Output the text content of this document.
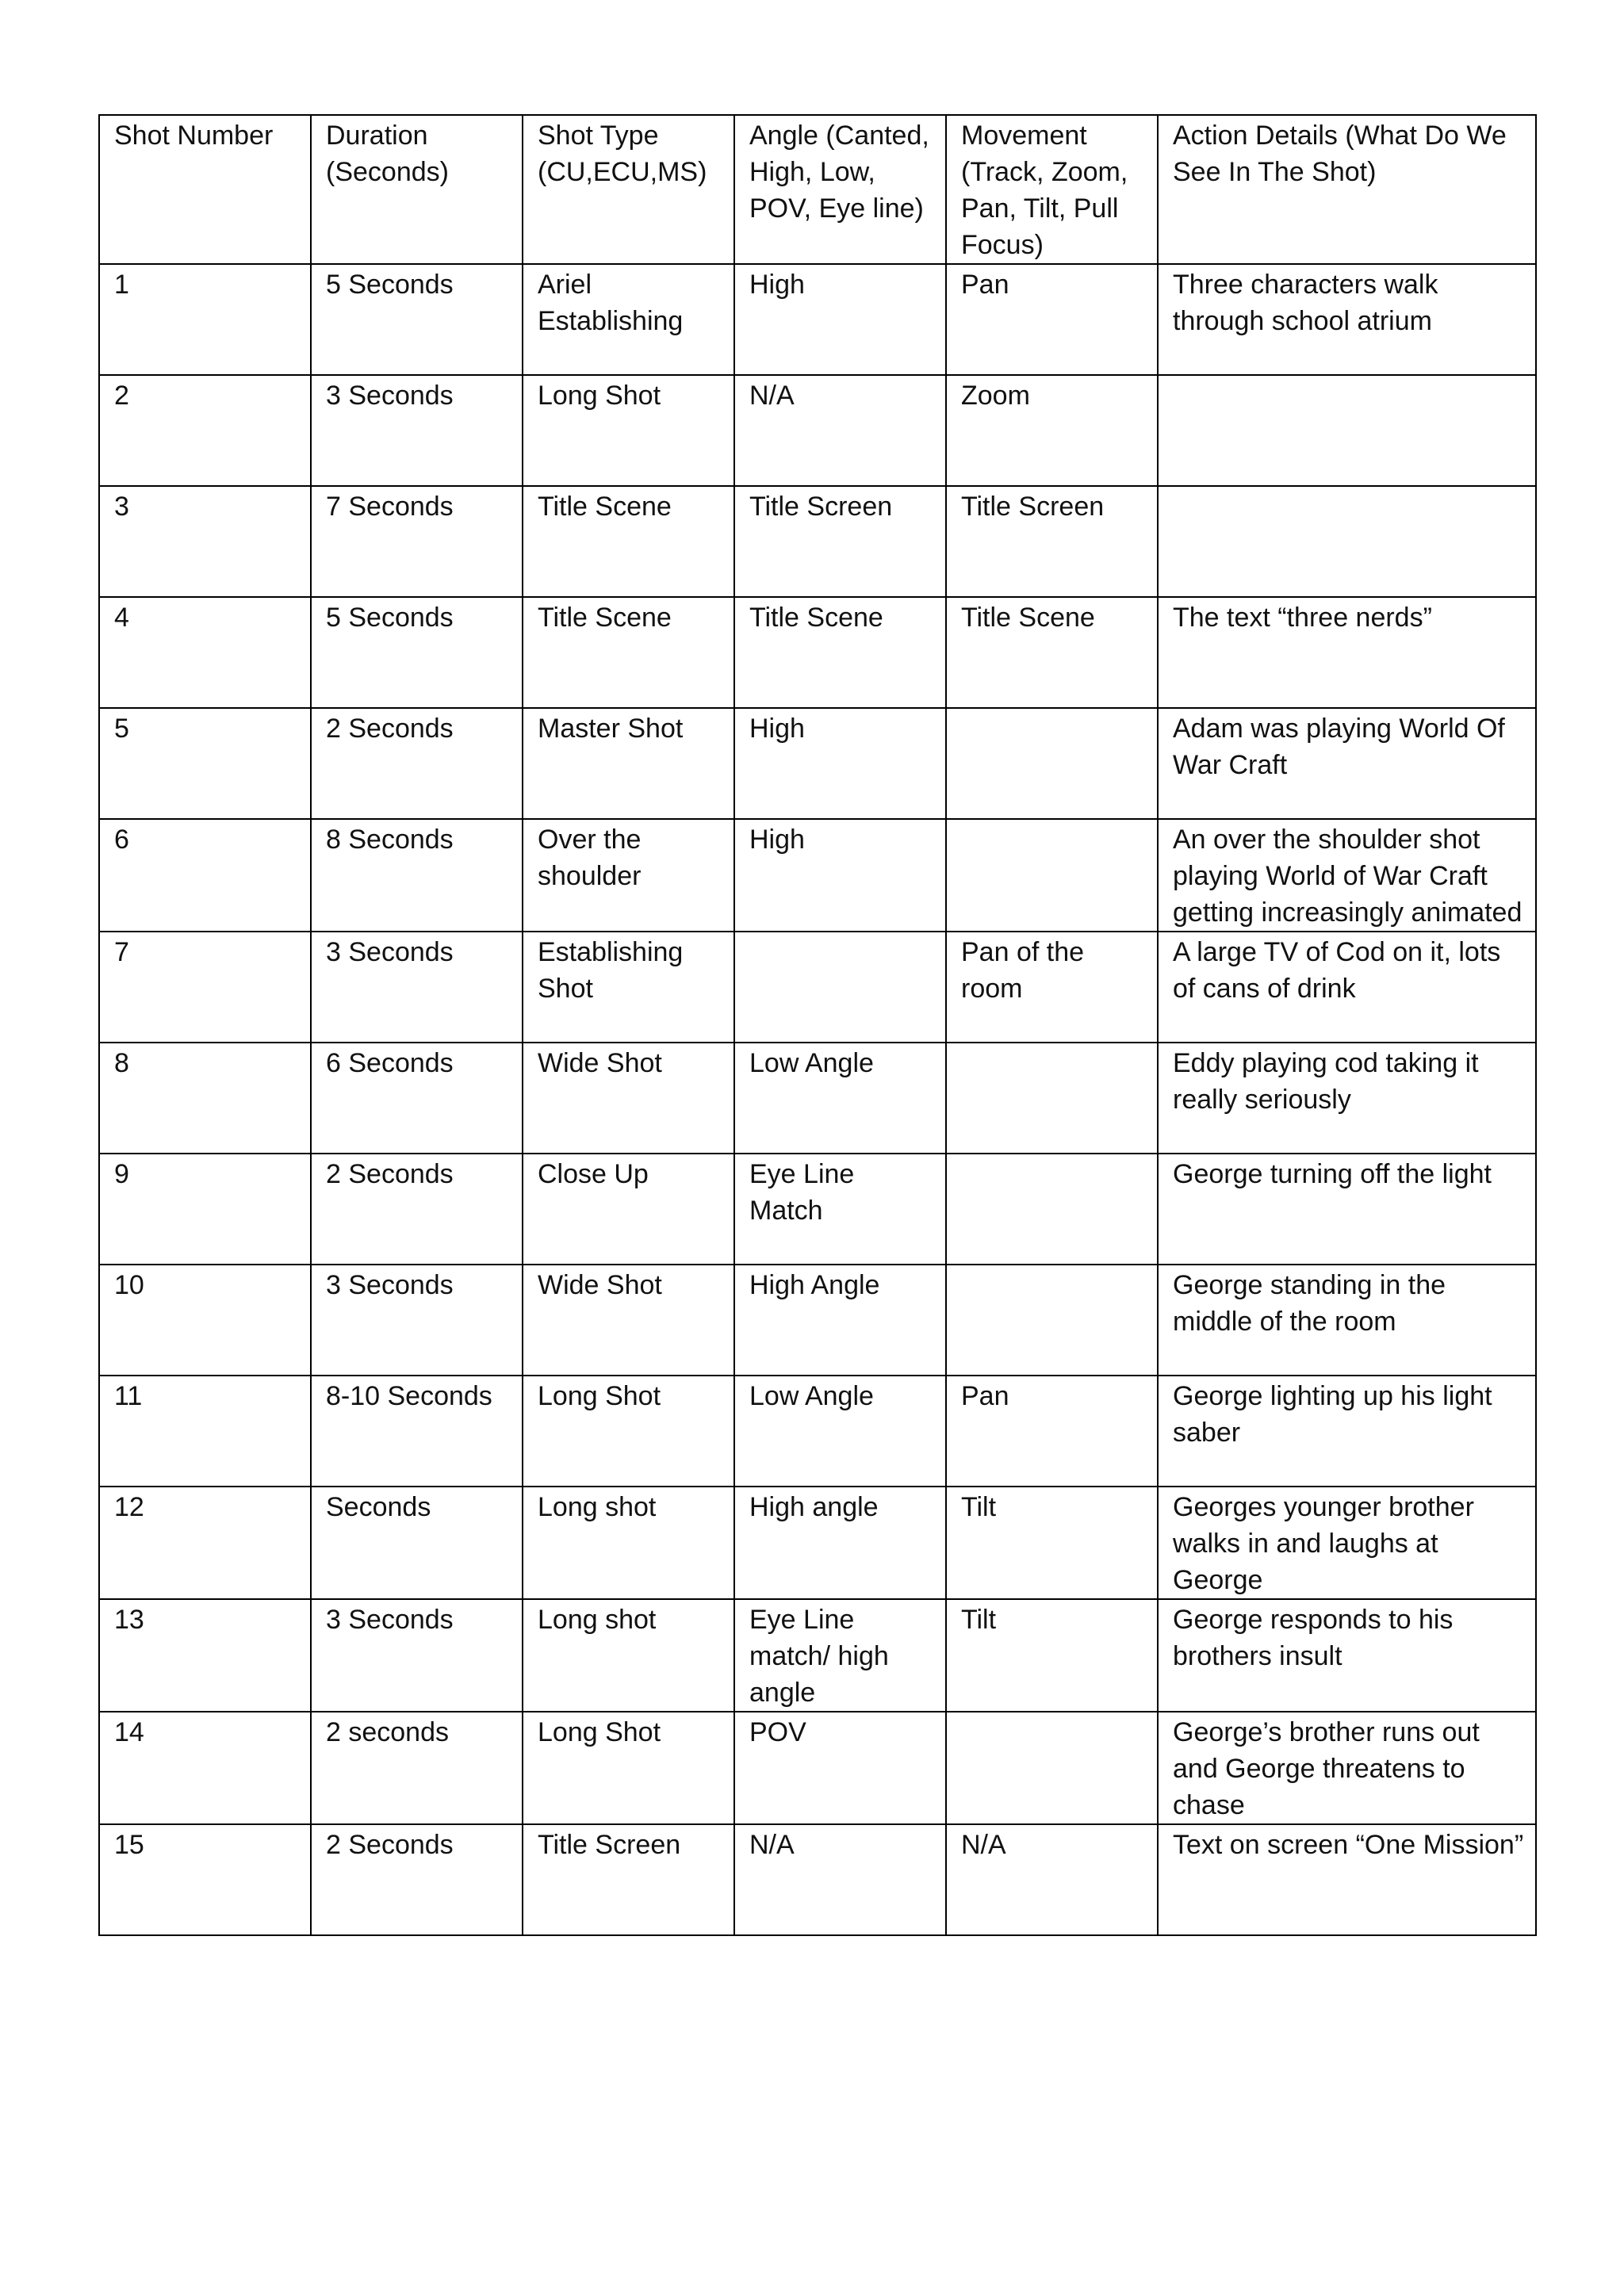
Shot Number	Duration (Seconds)	Shot Type (CU,ECU,MS)	Angle (Canted, High, Low, POV, Eye line)	Movement (Track, Zoom, Pan, Tilt, Pull Focus)	Action Details (What Do We See In The Shot)
1	5 Seconds	Ariel Establishing	High	Pan	Three characters walk through school atrium
2	3 Seconds	Long Shot	N/A	Zoom	
3	7 Seconds	Title Scene	Title Screen	Title Screen	
4	5 Seconds	Title Scene	Title Scene	Title Scene	The text “three nerds”
5	2 Seconds	Master Shot	High		Adam was playing World Of War Craft
6	8 Seconds	Over the shoulder	High		An over the shoulder shot playing World of War Craft getting increasingly animated
7	3 Seconds	Establishing Shot		Pan of the room	A large TV of Cod on it, lots of cans of drink
8	6 Seconds	Wide Shot	Low Angle		Eddy playing cod taking it really seriously
9	2 Seconds	Close Up	Eye Line Match		George turning off the light
10	3 Seconds	Wide Shot	High Angle		George standing in the middle of the room
11	8-10 Seconds	Long Shot	Low Angle	Pan	George lighting up his light saber
12	Seconds	Long shot	High angle	Tilt	Georges younger brother walks in and laughs at George
13	3 Seconds	Long shot	Eye Line match/ high angle	Tilt	George responds to his brothers insult
14	2 seconds	Long Shot	POV		George’s brother runs out and George threatens to chase
15	2 Seconds	Title Screen	N/A	N/A	Text on screen “One Mission”
